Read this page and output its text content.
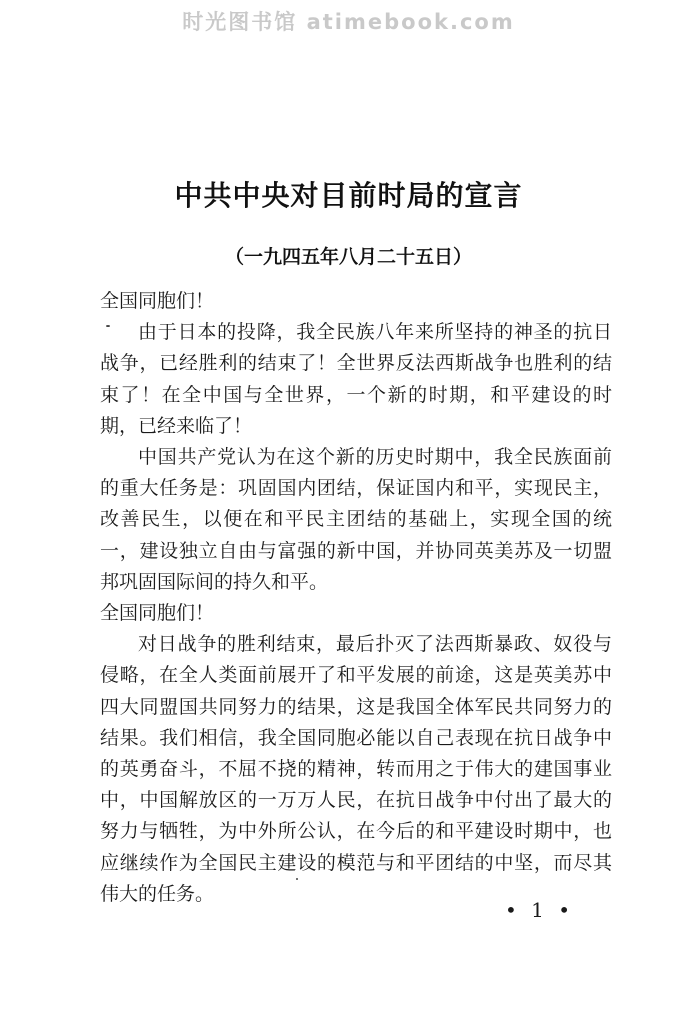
时光图书馆 atimebook.com
中共中央对目前时局的宣言
（一九四五年八月二十五日）

全国同胞们！

由于日本的投降，我全民族八年来所坚持的神圣的抗日战争，已经胜利的结束了！全世界反法西斯战争也胜利的结束了！在全中国与全世界，一个新的时期，和平建设的时期，已经来临了！

中国共产党认为在这个新的历史时期中，我全民族面前的重大任务是：巩固国内团结，保证国内和平，实现民主，改善民生，以便在和平民主团结的基础上，实现全国的统一，建设独立自由与富强的新中国，并协同英美苏及一切盟邦巩固国际间的持久和平。

全国同胞们！

对日战争的胜利结束，最后扑灭了法西斯暴政、奴役与侵略，在全人类面前展开了和平发展的前途，这是英美苏中四大同盟国共同努力的结果，这是我国全体军民共同努力的结果。我们相信，我全国同胞必能以自己表现在抗日战争中的英勇奋斗，不屈不挠的精神，转而用之于伟大的建国事业中，中国解放区的一万万人民，在抗日战争中付出了最大的努力与牺牲，为中外所公认，在今后的和平建设时期中，也应继续作为全国民主建设的模范与和平团结的中坚，而尽其伟大的任务。

• 1 •
